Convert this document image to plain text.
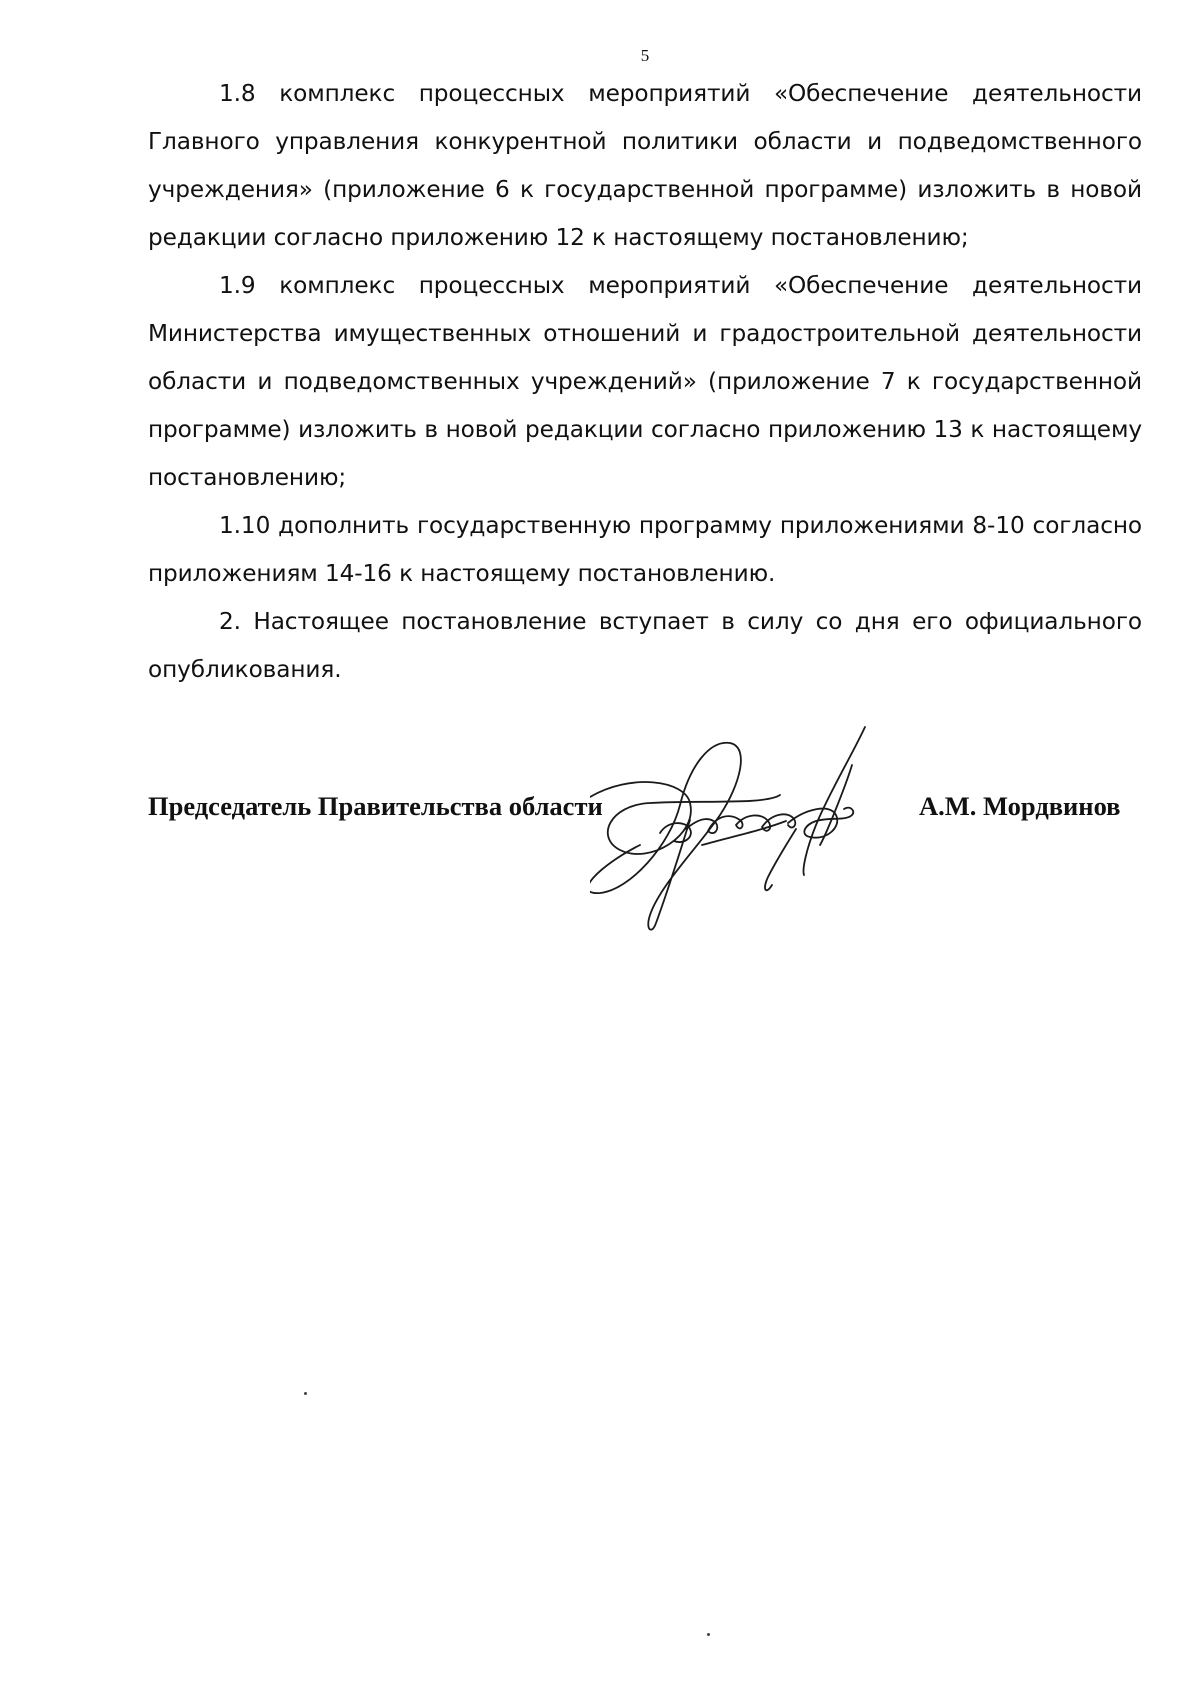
5

1.8 комплекс процессных мероприятий «Обеспечение деятельности Главного управления конкурентной политики области и подведомственного учреждения» (приложение 6 к государственной программе) изложить в новой редакции согласно приложению 12 к настоящему постановлению;

1.9 комплекс процессных мероприятий «Обеспечение деятельности Министерства имущественных отношений и градостроительной деятельности области и подведомственных учреждений» (приложение 7 к государственной программе) изложить в новой редакции согласно приложению 13 к настоящему постановлению;

1.10 дополнить государственную программу приложениями 8-10 согласно приложениям 14-16 к настоящему постановлению.

2. Настоящее постановление вступает в силу со дня его официального опубликования.

Председатель Правительства области	А.М. Мордвинов
